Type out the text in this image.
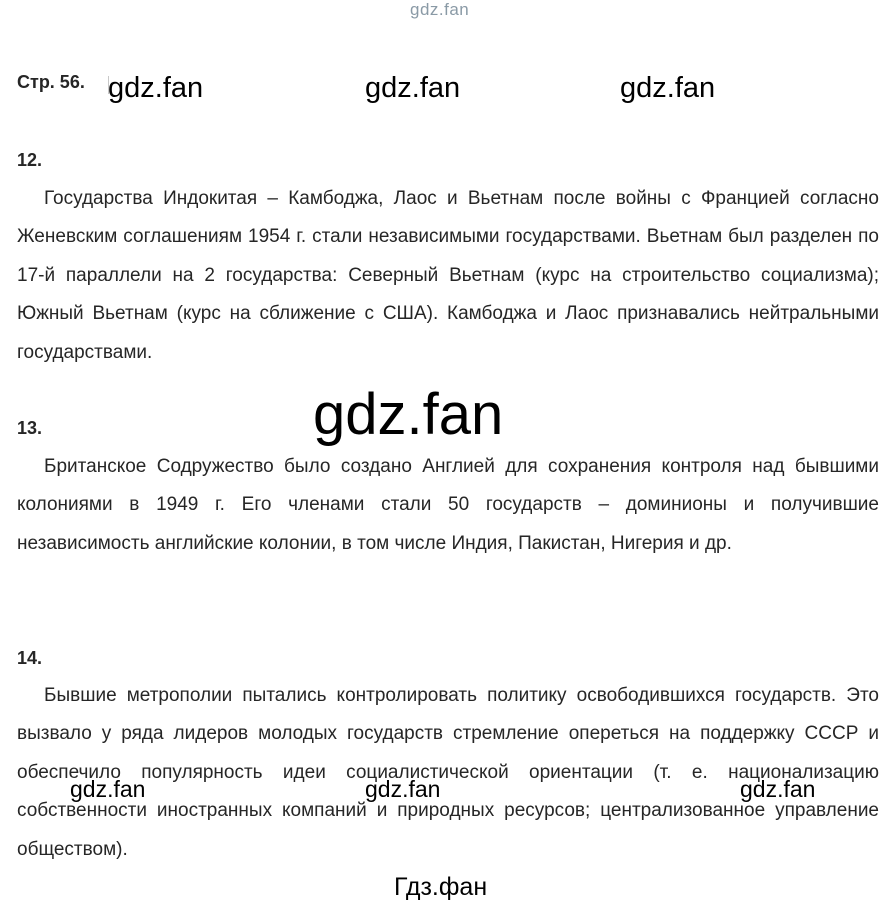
gdz.fan
Стр. 56. gdz.fan	gdz.fan	gdz.fan
12.

Государства Индокитая – Камбоджа, Лаос и Вьетнам после войны с Францией согласно Женевским соглашениям 1954 г. стали независимыми государствами. Вьетнам был разделен по 17-й параллели на 2 государства: Северный Вьетнам (курс на строительство социализма); Южный Вьетнам (курс на сближение с США). Камбоджа и Лаос признавались нейтральными государствами.

13.	gdz.fan

Британское Содружество было создано Англией для сохранения контроля над бывшими колониями в 1949 г. Его членами стали 50 государств – доминионы и получившие независимость английские колонии, в том числе Индия, Пакистан, Нигерия и др.

14.

Бывшие метрополии пытались контролировать политику освободившихся государств. Это вызвало у ряда лидеров молодых государств стремление опереться на поддержку СССР и обеспечило популярность идеи социалистической ориентации (т. е. национализацию собственности иностранных компаний и природных ресурсов; централизованное управление обществом).

gdz.fan	gdz.fan	gdz.fan
Гдз.фан
